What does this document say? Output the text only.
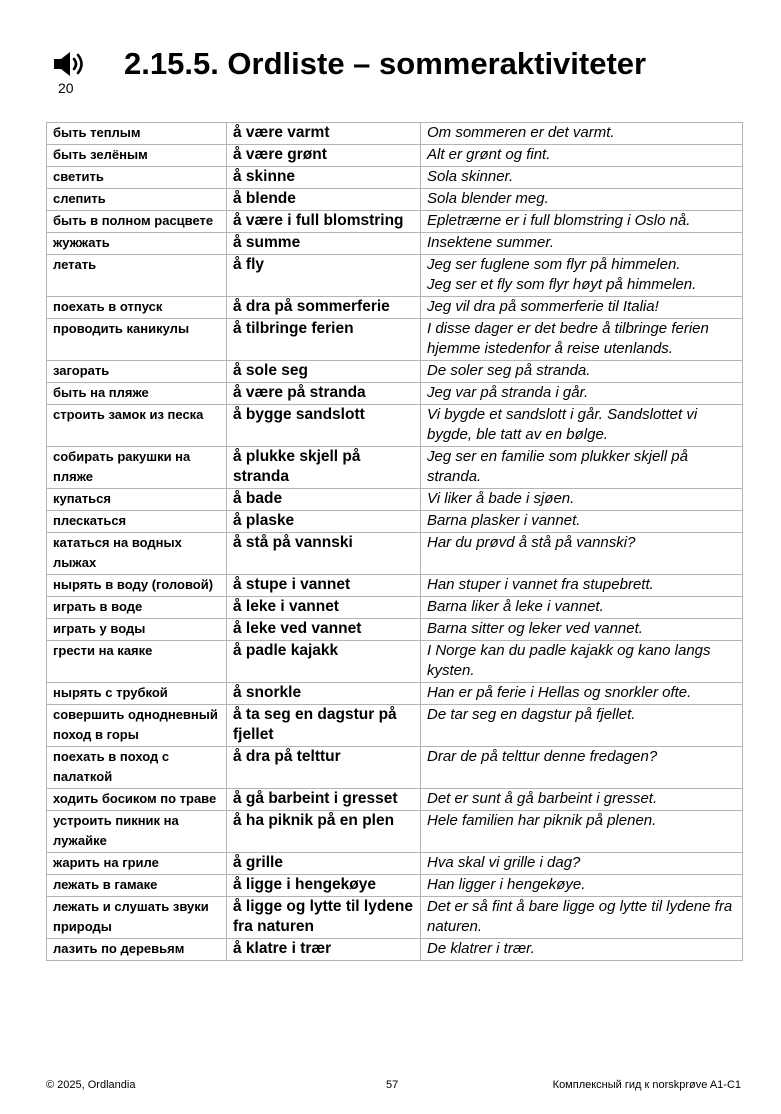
20
2.15.5. Ordliste – sommeraktiviteter
быть теплым	å være varmt	Om sommeren er det varmt.
быть зелёным	å være grønt	Alt er grønt og fint.
светить	å skinne	Sola skinner.
слепить	å blende	Sola blender meg.
быть в полном расцвете	å være i full blomstring	Epletrærne er i full blomstring i Oslo nå.
жужжать	å summe	Insektene summer.
летать	å fly	Jeg ser fuglene som flyr på himmelen.
Jeg ser et fly som flyr høyt på himmelen.
поехать в отпуск	å dra på sommerferie	Jeg vil dra på sommerferie til Italia!
проводить каникулы	å tilbringe ferien	I disse dager er det bedre å tilbringe ferien hjemme istedenfor å reise utenlands.
загорать	å sole seg	De soler seg på stranda.
быть на пляже	å være på stranda	Jeg var på stranda i går.
строить замок из песка	å bygge sandslott	Vi bygde et sandslott i går. Sandslottet vi bygde, ble tatt av en bølge.
собирать ракушки на пляже	å plukke skjell på stranda	Jeg ser en familie som plukker skjell på stranda.
купаться	å bade	Vi liker å bade i sjøen.
плескаться	å plaske	Barna plasker i vannet.
кататься на водных лыжах	å stå på vannski	Har du prøvd å stå på vannski?
нырять в воду (головой)	å stupe i vannet	Han stuper i vannet fra stupebrett.
играть в воде	å leke i vannet	Barna liker å leke i vannet.
играть у воды	å leke ved vannet	Barna sitter og leker ved vannet.
грести на каяке	å padle kajakk	I Norge kan du padle kajakk og kano langs kysten.
нырять с трубкой	å snorkle	Han er på ferie i Hellas og snorkler ofte.
совершить однодневный поход в горы	å ta seg en dagstur på fjellet	De tar seg en dagstur på fjellet.
поехать в поход с палаткой	å dra på telttur	Drar de på telttur denne fredagen?
ходить босиком по траве	å gå barbeint i gresset	Det er sunt å gå barbeint i gresset.
устроить пикник на лужайке	å ha piknik på en plen	Hele familien har piknik på plenen.
жарить на гриле	å grille	Hva skal vi grille i dag?
лежать в гамаке	å ligge i hengekøye	Han ligger i hengekøye.
лежать и слушать звуки природы	å ligge og lytte til lydene fra naturen	Det er så fint å bare ligge og lytte til lydene fra naturen.
лазить по деревьям	å klatre i trær	De klatrer i trær.
© 2025, Ordlandia	57	Комплексный гид к norskprøve A1-C1
